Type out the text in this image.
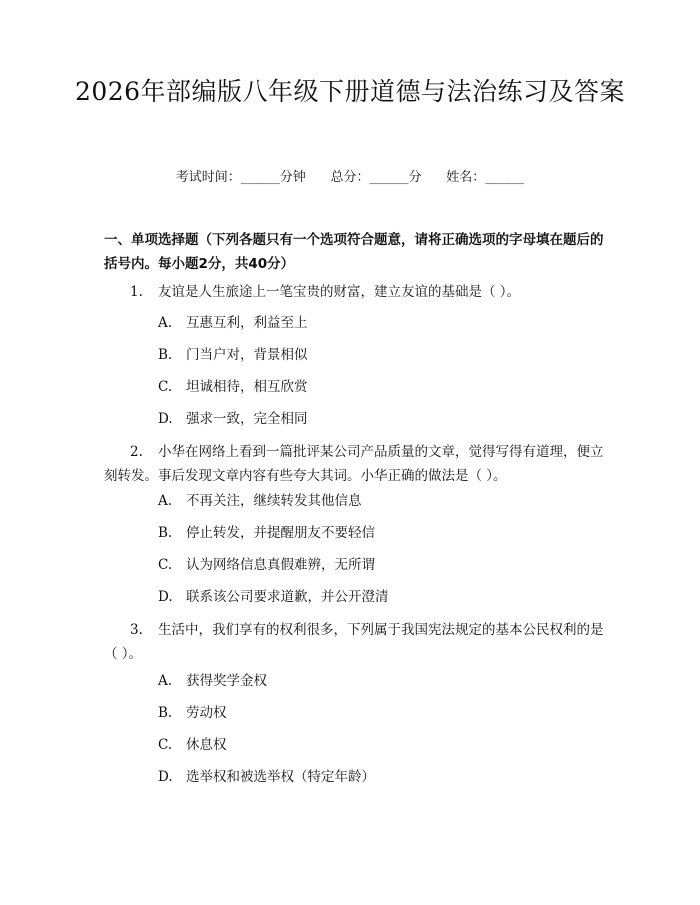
2026年部编版八年级下册道德与法治练习及答案
考试时间：______分钟      总分：______分      姓名：______

一、单项选择题（下列各题只有一个选项符合题意，请将正确选项的字母填在题后的括号内。每小题2分，共40分）

1. 友谊是人生旅途上一笔宝贵的财富，建立友谊的基础是（ ）。

A. 互惠互利，利益至上
B. 门当户对，背景相似
C. 坦诚相待，相互欣赏
D. 强求一致，完全相同

2. 小华在网络上看到一篇批评某公司产品质量的文章，觉得写得有道理，便立刻转发。事后发现文章内容有些夸大其词。小华正确的做法是（ ）。

A. 不再关注，继续转发其他信息
B. 停止转发，并提醒朋友不要轻信
C. 认为网络信息真假难辨，无所谓
D. 联系该公司要求道歉，并公开澄清

3. 生活中，我们享有的权利很多，下列属于我国宪法规定的基本公民权利的是（ ）。

A. 获得奖学金权
B. 劳动权
C. 休息权
D. 选举权和被选举权（特定年龄）
